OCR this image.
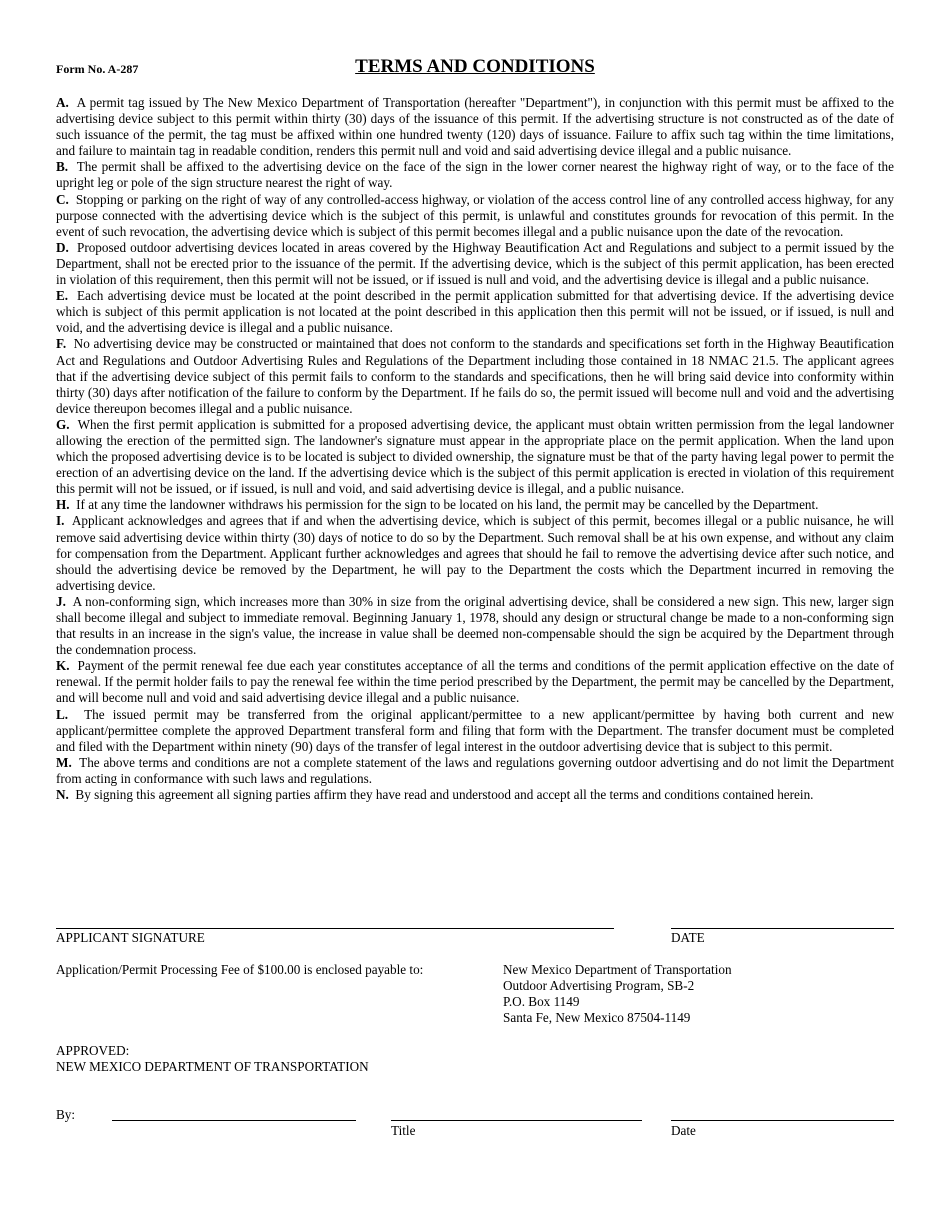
Form No. A-287	TERMS AND CONDITIONS

A. A permit tag issued by The New Mexico Department of Transportation (hereafter "Department"), in conjunction with this permit must be affixed to the advertising device subject to this permit within thirty (30) days of the issuance of this permit. If the advertising structure is not constructed as of the date of such issuance of the permit, the tag must be affixed within one hundred twenty (120) days of issuance. Failure to affix such tag within the time limitations, and failure to maintain tag in readable condition, renders this permit null and void and said advertising device illegal and a public nuisance.

B. The permit shall be affixed to the advertising device on the face of the sign in the lower corner nearest the highway right of way, or to the face of the upright leg or pole of the sign structure nearest the right of way.

C. Stopping or parking on the right of way of any controlled-access highway, or violation of the access control line of any controlled access highway, for any purpose connected with the advertising device which is the subject of this permit, is unlawful and constitutes grounds for revocation of this permit. In the event of such revocation, the advertising device which is subject of this permit becomes illegal and a public nuisance upon the date of the revocation.

D. Proposed outdoor advertising devices located in areas covered by the Highway Beautification Act and Regulations and subject to a permit issued by the Department, shall not be erected prior to the issuance of the permit. If the advertising device, which is the subject of this permit application, has been erected in violation of this requirement, then this permit will not be issued, or if issued is null and void, and the advertising device is illegal and a public nuisance.

E. Each advertising device must be located at the point described in the permit application submitted for that advertising device. If the advertising device which is subject of this permit application is not located at the point described in this application then this permit will not be issued, or if issued, is null and void, and the advertising device is illegal and a public nuisance.

F. No advertising device may be constructed or maintained that does not conform to the standards and specifications set forth in the Highway Beautification Act and Regulations and Outdoor Advertising Rules and Regulations of the Department including those contained in 18 NMAC 21.5. The applicant agrees that if the advertising device subject of this permit fails to conform to the standards and specifications, then he will bring said device into conformity within thirty (30) days after notification of the failure to conform by the Department. If he fails do so, the permit issued will become null and void and the advertising device thereupon becomes illegal and a public nuisance.

G. When the first permit application is submitted for a proposed advertising device, the applicant must obtain written permission from the legal landowner allowing the erection of the permitted sign. The landowner's signature must appear in the appropriate place on the permit application. When the land upon which the proposed advertising device is to be located is subject to divided ownership, the signature must be that of the party having legal power to permit the erection of an advertising device on the land. If the advertising device which is the subject of this permit application is erected in violation of this requirement this permit will not be issued, or if issued, is null and void, and said advertising device is illegal, and a public nuisance.

H. If at any time the landowner withdraws his permission for the sign to be located on his land, the permit may be cancelled by the Department.

I. Applicant acknowledges and agrees that if and when the advertising device, which is subject of this permit, becomes illegal or a public nuisance, he will remove said advertising device within thirty (30) days of notice to do so by the Department. Such removal shall be at his own expense, and without any claim for compensation from the Department. Applicant further acknowledges and agrees that should he fail to remove the advertising device after such notice, and should the advertising device be removed by the Department, he will pay to the Department the costs which the Department incurred in removing the advertising device.

J. A non-conforming sign, which increases more than 30% in size from the original advertising device, shall be considered a new sign. This new, larger sign shall become illegal and subject to immediate removal. Beginning January 1, 1978, should any design or structural change be made to a non-conforming sign that results in an increase in the sign's value, the increase in value shall be deemed non-compensable should the sign be acquired by the Department through the condemnation process.

K. Payment of the permit renewal fee due each year constitutes acceptance of all the terms and conditions of the permit application effective on the date of renewal. If the permit holder fails to pay the renewal fee within the time period prescribed by the Department, the permit may be cancelled by the Department, and will become null and void and said advertising device illegal and a public nuisance.

L. The issued permit may be transferred from the original applicant/permittee to a new applicant/permittee by having both current and new applicant/permittee complete the approved Department transferal form and filing that form with the Department. The transfer document must be completed and filed with the Department within ninety (90) days of the transfer of legal interest in the outdoor advertising device that is subject to this permit.

M. The above terms and conditions are not a complete statement of the laws and regulations governing outdoor advertising and do not limit the Department from acting in conformance with such laws and regulations.

N. By signing this agreement all signing parties affirm they have read and understood and accept all the terms and conditions contained herein.

APPLICANT SIGNATURE	DATE
Application/Permit Processing Fee of $100.00 is enclosed payable to:	New Mexico Department of Transportation
Outdoor Advertising Program, SB-2
P.O. Box 1149
Santa Fe, New Mexico 87504-1149
APPROVED:
NEW MEXICO DEPARTMENT OF TRANSPORTATION
By:
Title	Date
